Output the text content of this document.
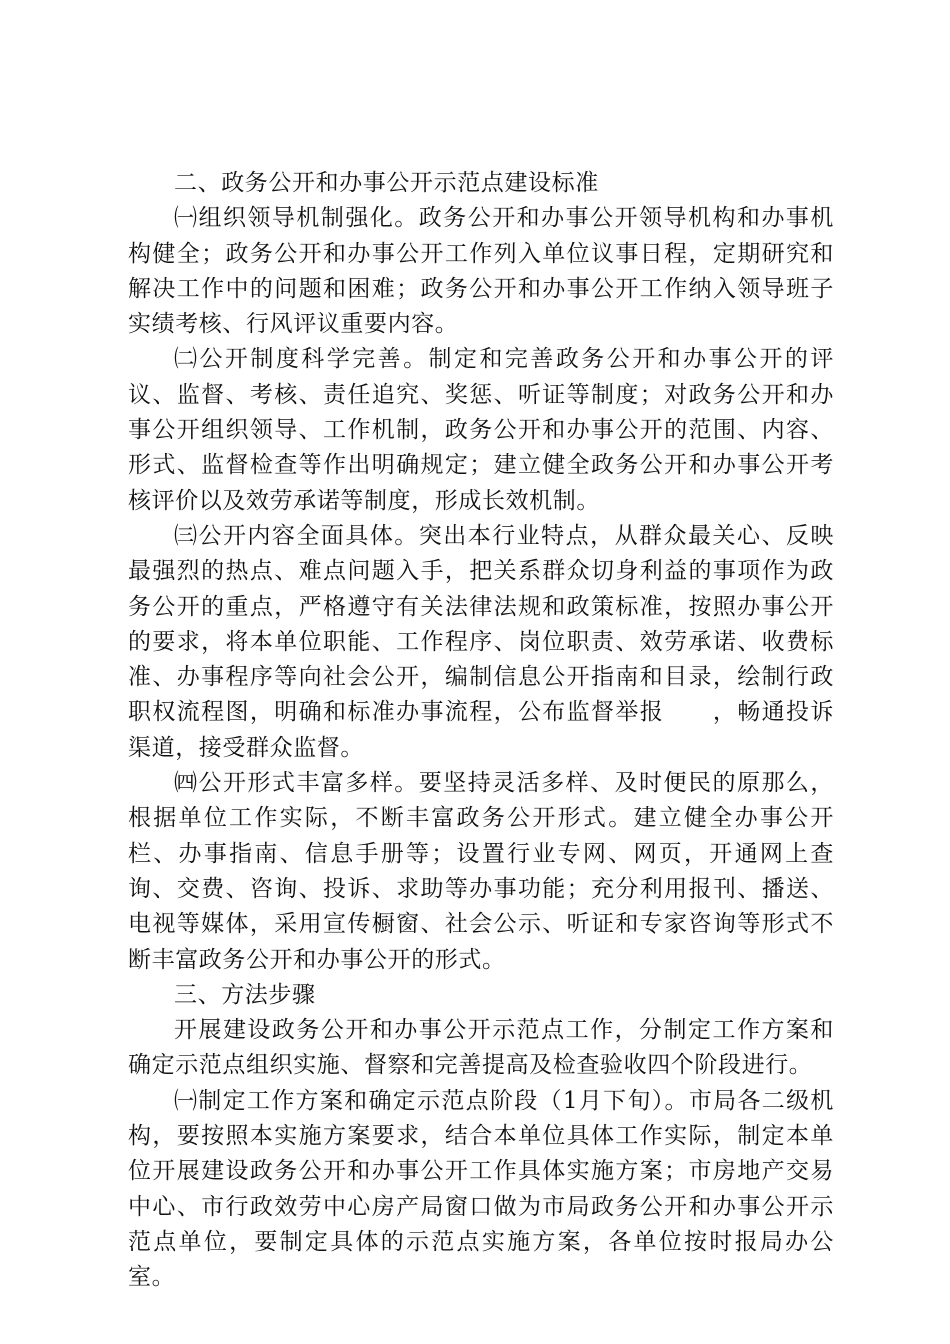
二、政务公开和办事公开示范点建设标准

㈠组织领导机制强化。政务公开和办事公开领导机构和办事机构健全；政务公开和办事公开工作列入单位议事日程，定期研究和解决工作中的问题和困难；政务公开和办事公开工作纳入领导班子实绩考核、行风评议重要内容。

㈡公开制度科学完善。制定和完善政务公开和办事公开的评议、监督、考核、责任追究、奖惩、听证等制度；对政务公开和办事公开组织领导、工作机制，政务公开和办事公开的范围、内容、形式、监督检查等作出明确规定；建立健全政务公开和办事公开考核评价以及效劳承诺等制度，形成长效机制。

㈢公开内容全面具体。突出本行业特点，从群众最关心、反映最强烈的热点、难点问题入手，把关系群众切身利益的事项作为政务公开的重点，严格遵守有关法律法规和政策标准，按照办事公开的要求，将本单位职能、工作程序、岗位职责、效劳承诺、收费标准、办事程序等向社会公开，编制信息公开指南和目录，绘制行政职权流程图，明确和标准办事流程，公布监督举报　　，畅通投诉渠道，接受群众监督。

㈣公开形式丰富多样。要坚持灵活多样、及时便民的原那么，根据单位工作实际，不断丰富政务公开形式。建立健全办事公开栏、办事指南、信息手册等；设置行业专网、网页，开通网上查询、交费、咨询、投诉、求助等办事功能；充分利用报刊、播送、电视等媒体，采用宣传橱窗、社会公示、听证和专家咨询等形式不断丰富政务公开和办事公开的形式。

三、方法步骤

开展建设政务公开和办事公开示范点工作，分制定工作方案和确定示范点组织实施、督察和完善提高及检查验收四个阶段进行。

㈠制定工作方案和确定示范点阶段（1月下旬）。市局各二级机构，要按照本实施方案要求，结合本单位具体工作实际，制定本单位开展建设政务公开和办事公开工作具体实施方案；市房地产交易中心、市行政效劳中心房产局窗口做为市局政务公开和办事公开示范点单位，要制定具体的示范点实施方案，各单位按时报局办公室。
